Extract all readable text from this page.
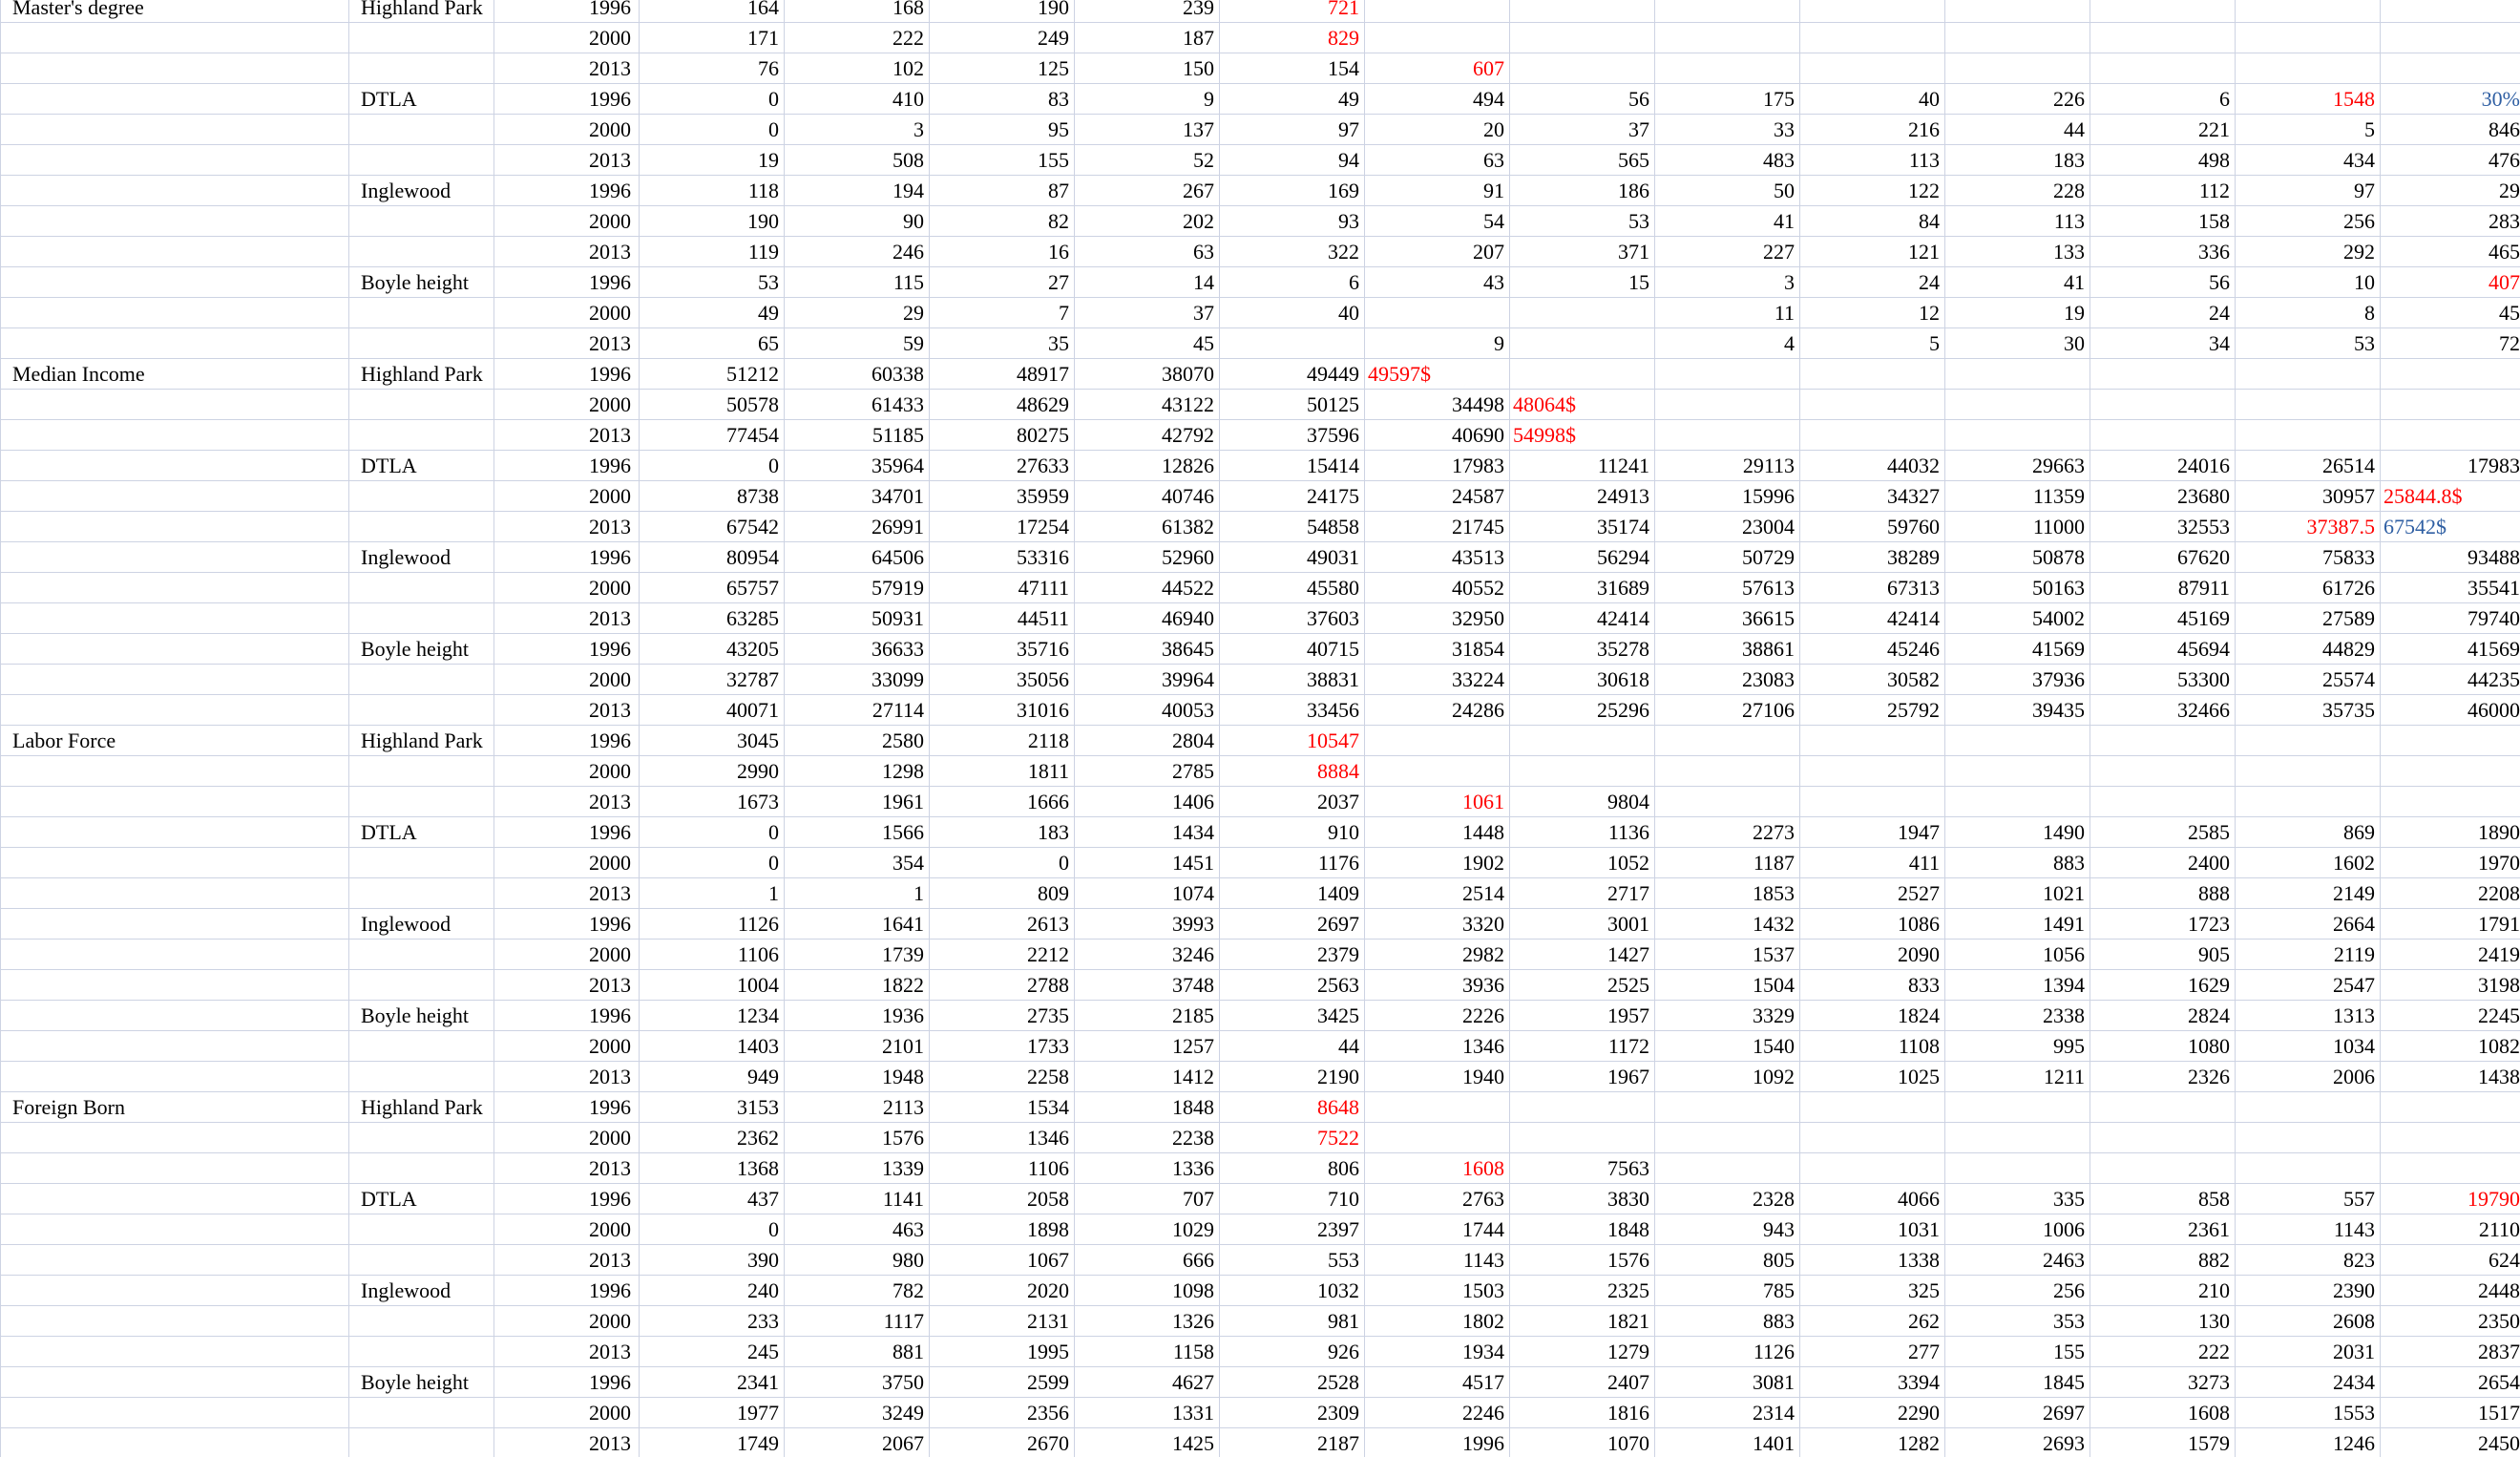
Master's degree	Highland Park	1996	164	168	190	239	721								
		2000	171	222	249	187	829								
		2013	76	102	125	150	154	607							
	DTLA	1996	0	410	83	9	49	494	56	175	40	226	6	1548	30%
		2000	0	3	95	137	97	20	37	33	216	44	221	5	846
		2013	19	508	155	52	94	63	565	483	113	183	498	434	476
	Inglewood	1996	118	194	87	267	169	91	186	50	122	228	112	97	29
		2000	190	90	82	202	93	54	53	41	84	113	158	256	283
		2013	119	246	16	63	322	207	371	227	121	133	336	292	465
	Boyle height	1996	53	115	27	14	6	43	15	3	24	41	56	10	407
		2000	49	29	7	37	40			11	12	19	24	8	45
		2013	65	59	35	45		9		4	5	30	34	53	72
Median Income	Highland Park	1996	51212	60338	48917	38070	49449	49597$							
		2000	50578	61433	48629	43122	50125	34498	48064$						
		2013	77454	51185	80275	42792	37596	40690	54998$						
	DTLA	1996	0	35964	27633	12826	15414	17983	11241	29113	44032	29663	24016	26514	17983
		2000	8738	34701	35959	40746	24175	24587	24913	15996	34327	11359	23680	30957	25844.8$
		2013	67542	26991	17254	61382	54858	21745	35174	23004	59760	11000	32553	37387.5	67542$
	Inglewood	1996	80954	64506	53316	52960	49031	43513	56294	50729	38289	50878	67620	75833	93488
		2000	65757	57919	47111	44522	45580	40552	31689	57613	67313	50163	87911	61726	35541
		2013	63285	50931	44511	46940	37603	32950	42414	36615	42414	54002	45169	27589	79740
	Boyle height	1996	43205	36633	35716	38645	40715	31854	35278	38861	45246	41569	45694	44829	41569
		2000	32787	33099	35056	39964	38831	33224	30618	23083	30582	37936	53300	25574	44235
		2013	40071	27114	31016	40053	33456	24286	25296	27106	25792	39435	32466	35735	46000
Labor Force	Highland Park	1996	3045	2580	2118	2804	10547								
		2000	2990	1298	1811	2785	8884								
		2013	1673	1961	1666	1406	2037	1061	9804						
	DTLA	1996	0	1566	183	1434	910	1448	1136	2273	1947	1490	2585	869	1890
		2000	0	354	0	1451	1176	1902	1052	1187	411	883	2400	1602	1970
		2013	1	1	809	1074	1409	2514	2717	1853	2527	1021	888	2149	2208
	Inglewood	1996	1126	1641	2613	3993	2697	3320	3001	1432	1086	1491	1723	2664	1791
		2000	1106	1739	2212	3246	2379	2982	1427	1537	2090	1056	905	2119	2419
		2013	1004	1822	2788	3748	2563	3936	2525	1504	833	1394	1629	2547	3198
	Boyle height	1996	1234	1936	2735	2185	3425	2226	1957	3329	1824	2338	2824	1313	2245
		2000	1403	2101	1733	1257	44	1346	1172	1540	1108	995	1080	1034	1082
		2013	949	1948	2258	1412	2190	1940	1967	1092	1025	1211	2326	2006	1438
Foreign Born	Highland Park	1996	3153	2113	1534	1848	8648								
		2000	2362	1576	1346	2238	7522								
		2013	1368	1339	1106	1336	806	1608	7563						
	DTLA	1996	437	1141	2058	707	710	2763	3830	2328	4066	335	858	557	19790
		2000	0	463	1898	1029	2397	1744	1848	943	1031	1006	2361	1143	2110
		2013	390	980	1067	666	553	1143	1576	805	1338	2463	882	823	624
	Inglewood	1996	240	782	2020	1098	1032	1503	2325	785	325	256	210	2390	2448
		2000	233	1117	2131	1326	981	1802	1821	883	262	353	130	2608	2350
		2013	245	881	1995	1158	926	1934	1279	1126	277	155	222	2031	2837
	Boyle height	1996	2341	3750	2599	4627	2528	4517	2407	3081	3394	1845	3273	2434	2654
		2000	1977	3249	2356	1331	2309	2246	1816	2314	2290	2697	1608	1553	1517
		2013	1749	2067	2670	1425	2187	1996	1070	1401	1282	2693	1579	1246	2450
